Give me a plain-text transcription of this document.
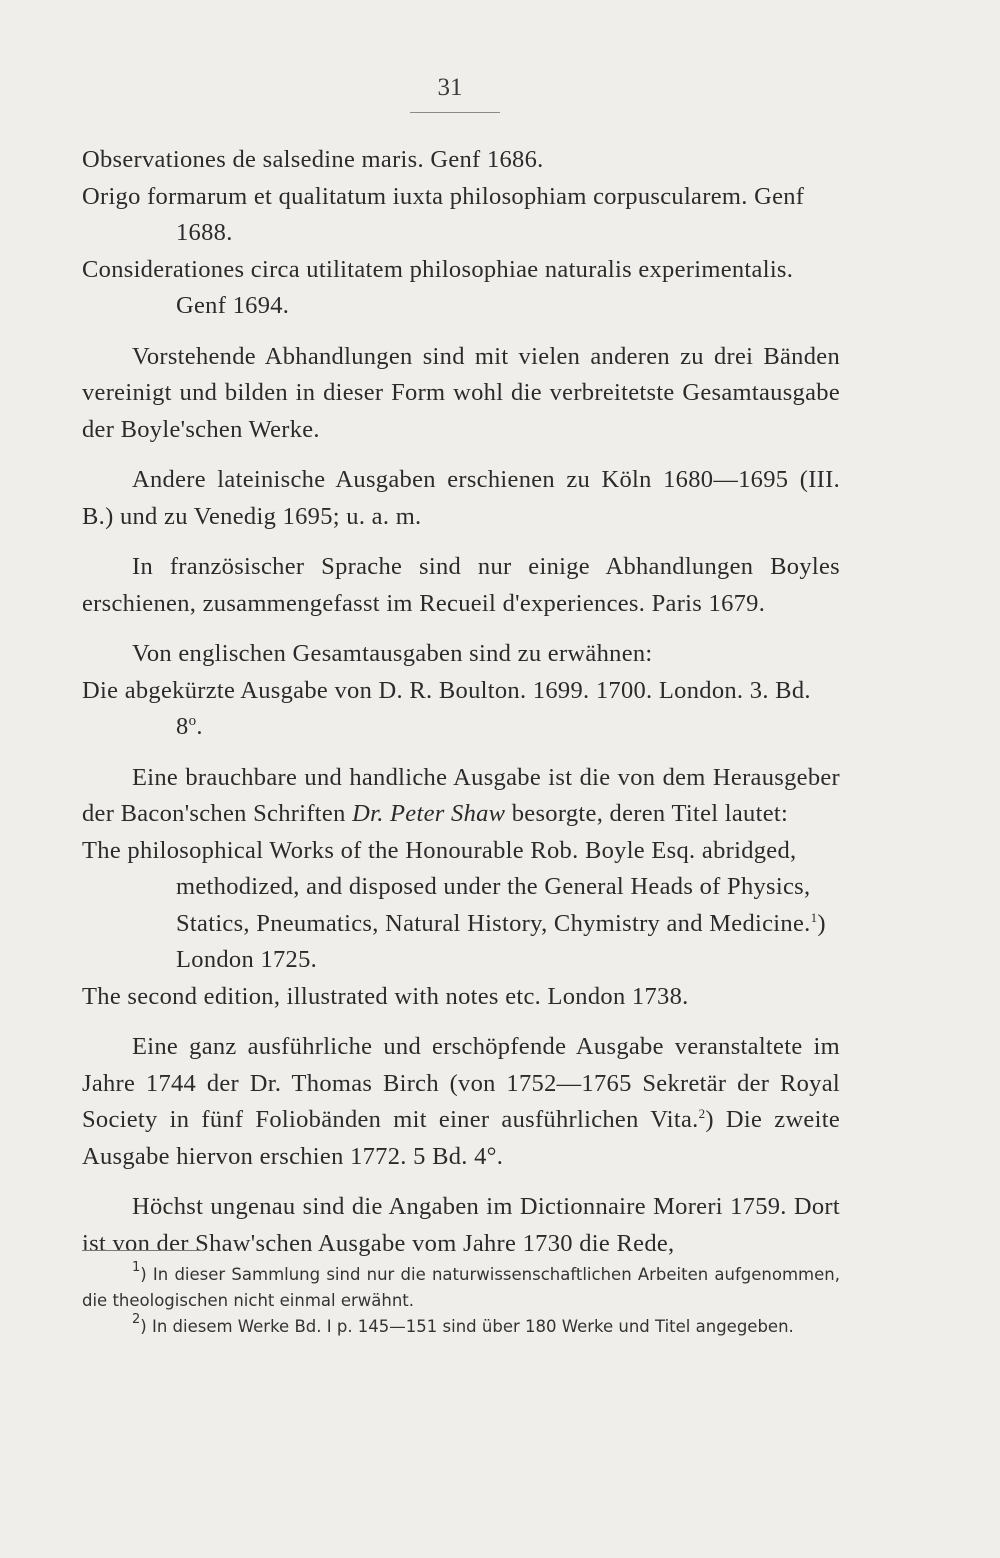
31

Observationes de salsedine maris. Genf 1686.

Origo formarum et qualitatum iuxta philosophiam corpuscularem. Genf 1688.

Considerationes circa utilitatem philosophiae naturalis experimentalis. Genf 1694.

Vorstehende Abhandlungen sind mit vielen anderen zu drei Bänden vereinigt und bilden in dieser Form wohl die verbreitetste Gesamtausgabe der Boyle'schen Werke.

Andere lateinische Ausgaben erschienen zu Köln 1680—1695 (III. B.) und zu Venedig 1695; u. a. m.

In französischer Sprache sind nur einige Abhandlungen Boyles erschienen, zusammengefasst im Recueil d'experiences. Paris 1679.

Von englischen Gesamtausgaben sind zu erwähnen:

Die abgekürzte Ausgabe von D. R. Boulton. 1699. 1700. London. 3. Bd. 8$^o$.

Eine brauchbare und handliche Ausgabe ist die von dem Herausgeber der Bacon'schen Schriften Dr. Peter Shaw besorgte, deren Titel lautet:

The philosophical Works of the Honourable Rob. Boyle Esq. abridged, methodized, and disposed under the General Heads of Physics, Statics, Pneumatics, Natural History, Chymistry and Medicine.$^1$) London 1725.

The second edition, illustrated with notes etc. London 1738.

Eine ganz ausführliche und erschöpfende Ausgabe veranstaltete im Jahre 1744 der Dr. Thomas Birch (von 1752—1765 Sekretär der Royal Society in fünf Foliobänden mit einer ausführlichen Vita.$^2$) Die zweite Ausgabe hiervon erschien 1772. 5 Bd. 4°.

Höchst ungenau sind die Angaben im Dictionnaire Moreri 1759. Dort ist von der Shaw'schen Ausgabe vom Jahre 1730 die Rede,

$^1$) In dieser Sammlung sind nur die naturwissenschaftlichen Arbeiten aufgenommen, die theologischen nicht einmal erwähnt.

$^2$) In diesem Werke Bd. I p. 145—151 sind über 180 Werke und Titel angegeben.
